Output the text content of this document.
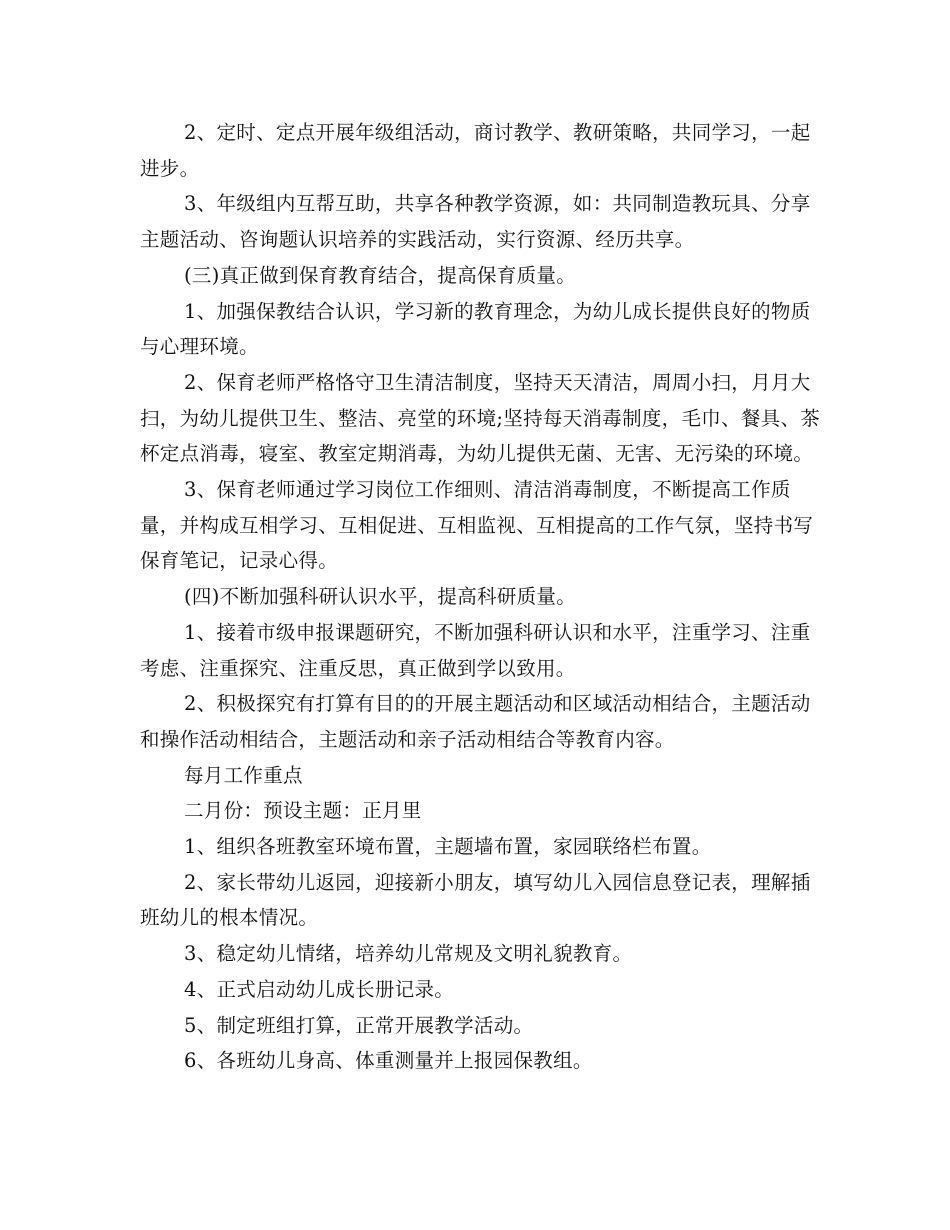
2、定时、定点开展年级组活动，商讨教学、教研策略，共同学习，一起进步。

3、年级组内互帮互助，共享各种教学资源，如：共同制造教玩具、分享主题活动、咨询题认识培养的实践活动，实行资源、经历共享。

(三)真正做到保育教育结合，提高保育质量。

1、加强保教结合认识，学习新的教育理念，为幼儿成长提供良好的物质与心理环境。

2、保育老师严格恪守卫生清洁制度，坚持天天清洁，周周小扫，月月大扫，为幼儿提供卫生、整洁、亮堂的环境;坚持每天消毒制度，毛巾、餐具、茶杯定点消毒，寝室、教室定期消毒，为幼儿提供无菌、无害、无污染的环境。

3、保育老师通过学习岗位工作细则、清洁消毒制度，不断提高工作质量，并构成互相学习、互相促进、互相监视、互相提高的工作气氛，坚持书写保育笔记，记录心得。

(四)不断加强科研认识水平，提高科研质量。

1、接着市级申报课题研究，不断加强科研认识和水平，注重学习、注重考虑、注重探究、注重反思，真正做到学以致用。

2、积极探究有打算有目的的开展主题活动和区域活动相结合，主题活动和操作活动相结合，主题活动和亲子活动相结合等教育内容。

每月工作重点

二月份：预设主题：正月里

1、组织各班教室环境布置，主题墙布置，家园联络栏布置。

2、家长带幼儿返园，迎接新小朋友，填写幼儿入园信息登记表，理解插班幼儿的根本情况。

3、稳定幼儿情绪，培养幼儿常规及文明礼貌教育。

4、正式启动幼儿成长册记录。

5、制定班组打算，正常开展教学活动。

6、各班幼儿身高、体重测量并上报园保教组。
